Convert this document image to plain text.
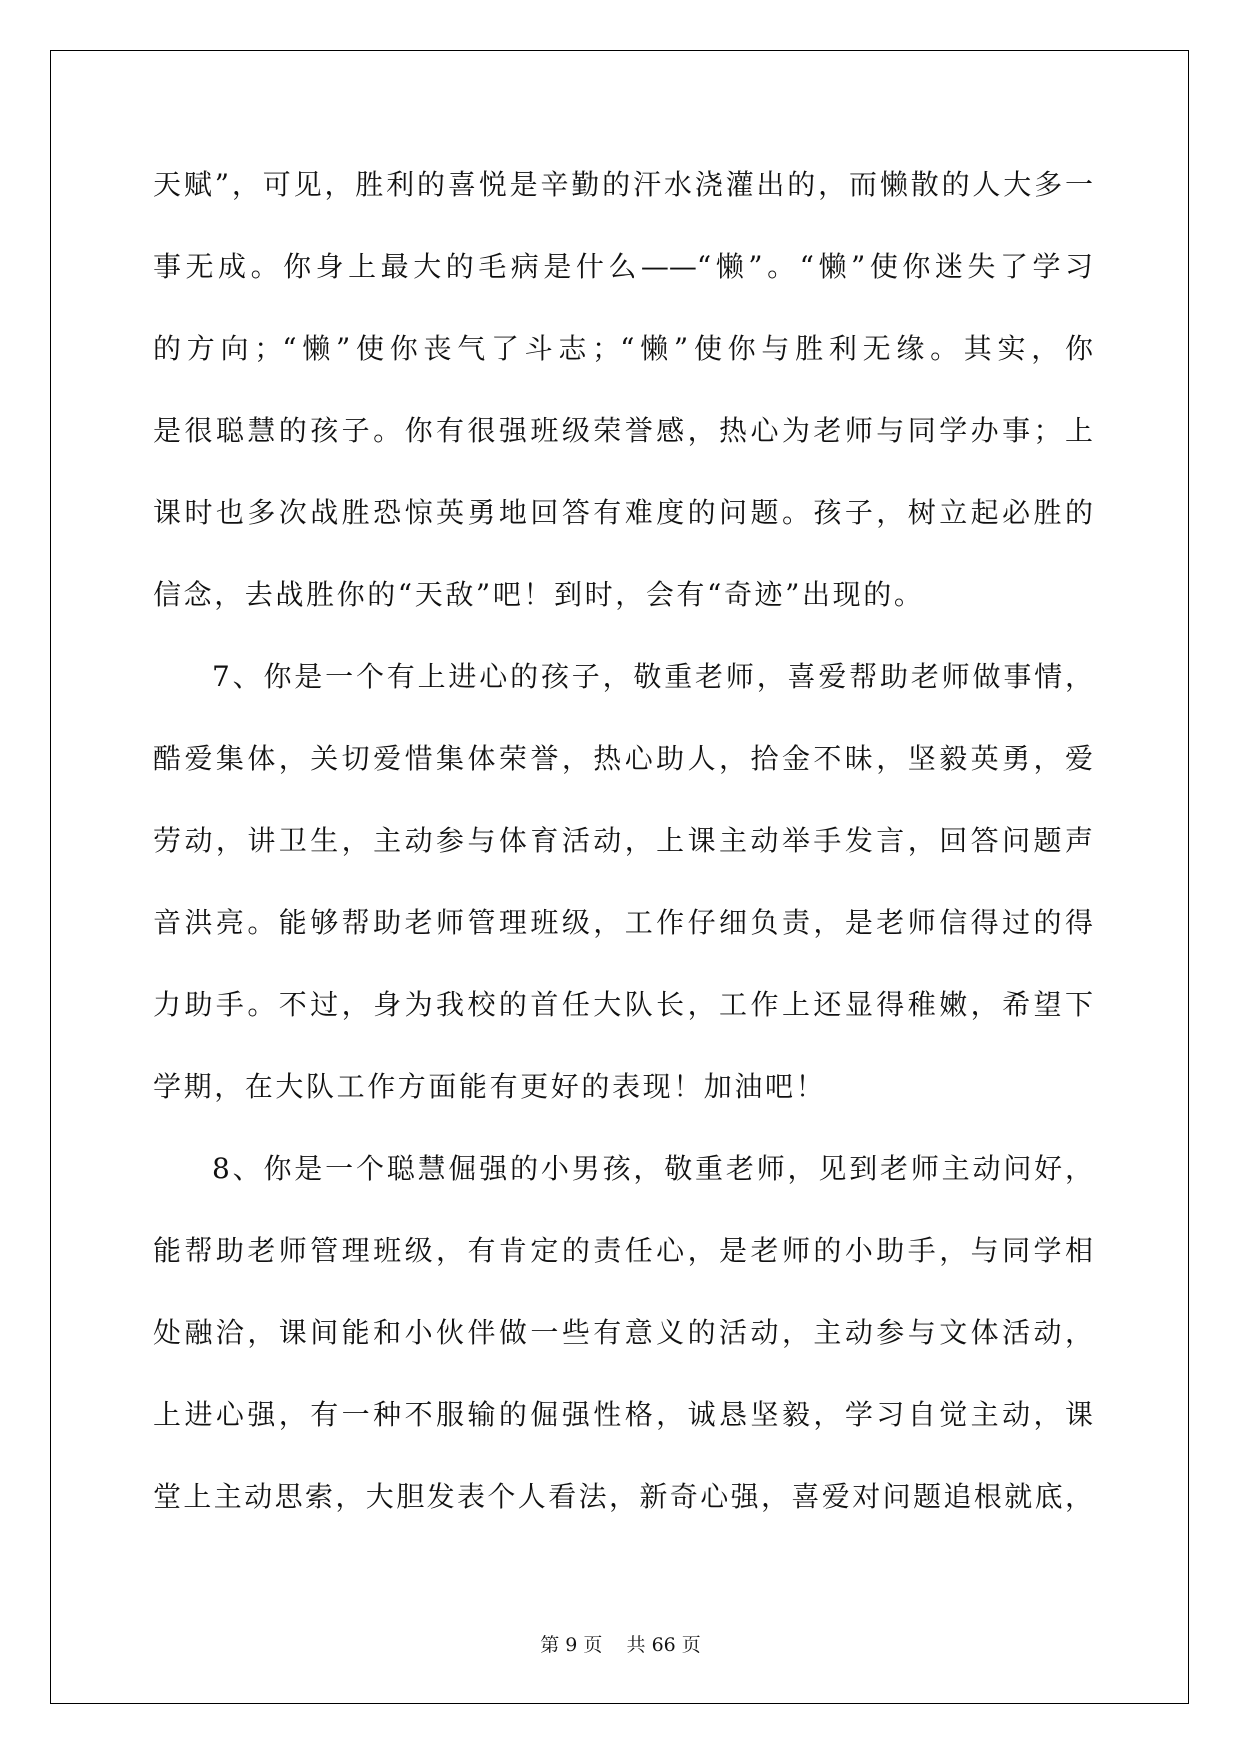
天赋”，可见，胜利的喜悦是辛勤的汗水浇灌出的，而懒散的人大多一
事无成。你身上最大的毛病是什么——“懒”。“懒”使你迷失了学习
的方向；“懒”使你丧气了斗志；“懒”使你与胜利无缘。其实，你
是很聪慧的孩子。你有很强班级荣誉感，热心为老师与同学办事；上
课时也多次战胜恐惊英勇地回答有难度的问题。孩子，树立起必胜的
信念，去战胜你的“天敌”吧！到时，会有“奇迹”出现的。
7、你是一个有上进心的孩子，敬重老师，喜爱帮助老师做事情，
酷爱集体，关切爱惜集体荣誉，热心助人，拾金不昧，坚毅英勇，爱
劳动，讲卫生，主动参与体育活动，上课主动举手发言，回答问题声
音洪亮。能够帮助老师管理班级，工作仔细负责，是老师信得过的得
力助手。不过，身为我校的首任大队长，工作上还显得稚嫩，希望下
学期，在大队工作方面能有更好的表现！加油吧！
8、你是一个聪慧倔强的小男孩，敬重老师，见到老师主动问好，
能帮助老师管理班级，有肯定的责任心，是老师的小助手，与同学相
处融洽，课间能和小伙伴做一些有意义的活动，主动参与文体活动，
上进心强，有一种不服输的倔强性格，诚恳坚毅，学习自觉主动，课
堂上主动思索，大胆发表个人看法，新奇心强，喜爱对问题追根就底，
第 9 页    共 66 页
